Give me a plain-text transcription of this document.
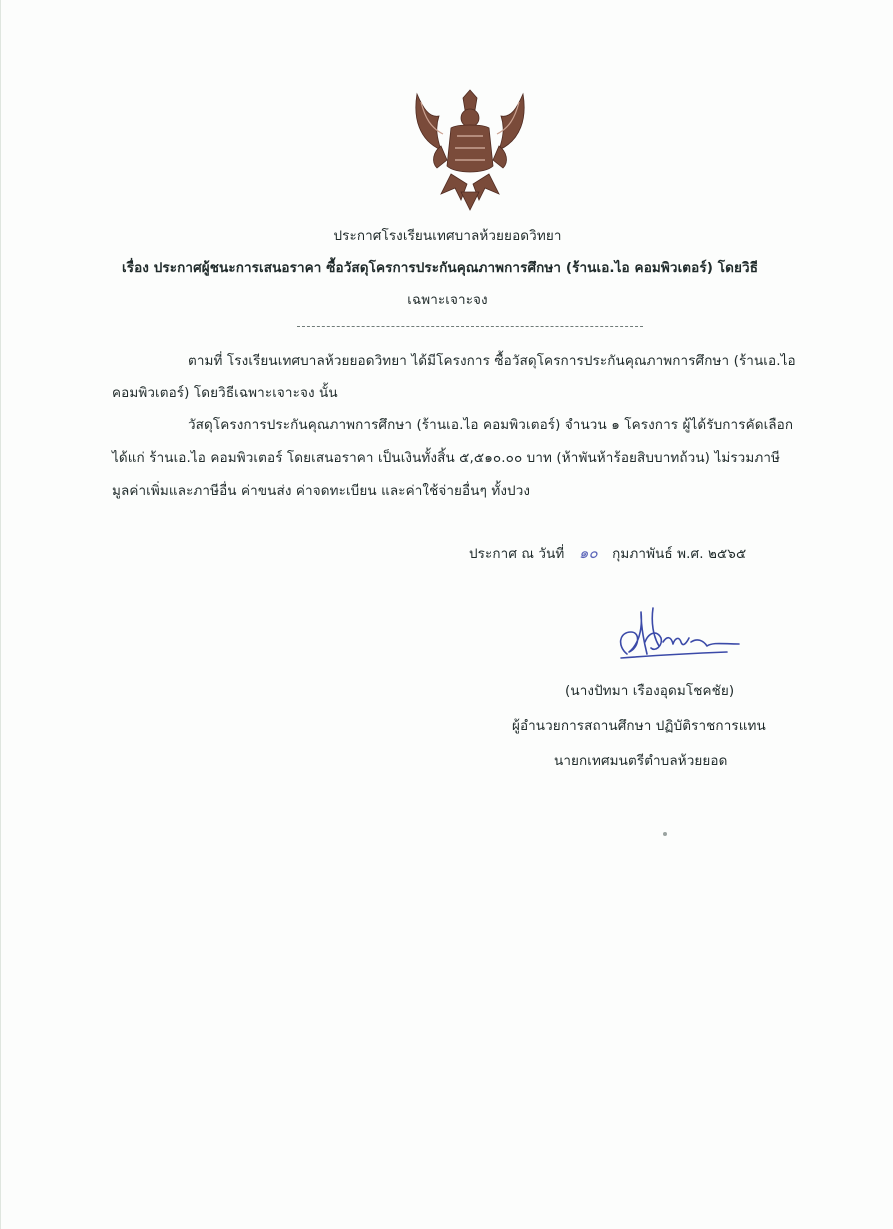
ประกาศโรงเรียนเทศบาลห้วยยอดวิทยา
เรื่อง ประกาศผู้ชนะการเสนอราคา ซื้อวัสดุโครการประกันคุณภาพการศึกษา (ร้านเอ.ไอ คอมพิวเตอร์) โดยวิธี
เฉพาะเจาะจง
ตามที่ โรงเรียนเทศบาลห้วยยอดวิทยา ได้มีโครงการ ซื้อวัสดุโครการประกันคุณภาพการศึกษา (ร้านเอ.ไอ
คอมพิวเตอร์) โดยวิธีเฉพาะเจาะจง นั้น
วัสดุโครงการประกันคุณภาพการศึกษา (ร้านเอ.ไอ คอมพิวเตอร์) จำนวน ๑ โครงการ ผู้ได้รับการคัดเลือก
ได้แก่ ร้านเอ.ไอ คอมพิวเตอร์ โดยเสนอราคา เป็นเงินทั้งสิ้น ๕,๕๑๐.๐๐ บาท (ห้าพันห้าร้อยสิบบาทถ้วน) ไม่รวมภาษี
มูลค่าเพิ่มและภาษีอื่น ค่าขนส่ง ค่าจดทะเบียน และค่าใช้จ่ายอื่นๆ ทั้งปวง
ประกาศ ณ วันที่ ๑๐ กุมภาพันธ์ พ.ศ. ๒๕๖๕
(นางปัทมา เรืองอุดมโชคชัย)
ผู้อำนวยการสถานศึกษา ปฏิบัติราชการแทน
นายกเทศมนตรีตำบลห้วยยอด
